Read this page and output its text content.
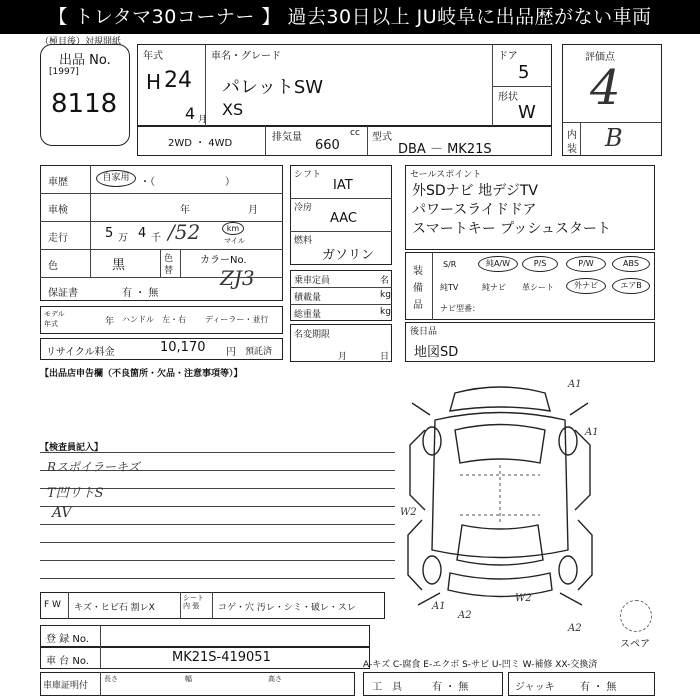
【 トレタマ30コーナー 】 過去30日以上 JU岐阜に出品歴がない車両
（極目後）対規開紙
出品 No.
[1997]
8118
年式
H 24
4 月
車名・グレード
パレットSW
XS
ドア
5
形状
W
評価点
4
内
装 B
2WD ・ 4WD
排気量	cc
660
型式
DBA － MK21S
車歴	自家用	・（　　　　　　　）
車検	年	月
走行	5 万 4 千 /52	km
マイル
色	黒	色
替
カラーNo.
ZJ3
保証書	有 ・ 無
モデル
年式	年 ハンドル　左・右 ディーラー・並行
リサイクル料金	10,170 円 預託済
シフト
IAT
冷房
AAC
燃料
ガソリン
乗車定員	名
積載量	kg
総重量	kg
名変期限
月	日
セールスポイント
外SDナビ 地デジTV
パワースライドドア
スマートキー プッシュスタート
装
備
品
S/R	純A/W	P/S	P/W	ABS
純TV	純ナビ 革シート	外ナビ	エアB
ナビ型番：
後日品
地図SD
【出品店申告欄（不良箇所・欠品・注意事項等）】
【検査員記入】
Rスポイラーキズ
T凹リトS
AV
A1
A1
W2
A1
W2
A2
A2
スペア
F W キズ・ヒビ石 割レX
シート 内 張	コゲ・穴 汚レ・シミ・破レ・スレ
登 録 No.
車 台 No.	MK21S-419051
車庫証明付
長さ	幅	高さ
A-キズ C-腐食 E-エクボ S-サビ U-凹ミ W-補修 XX-交換済
工　具	有 ・ 無	ジャッキ	有 ・ 無
